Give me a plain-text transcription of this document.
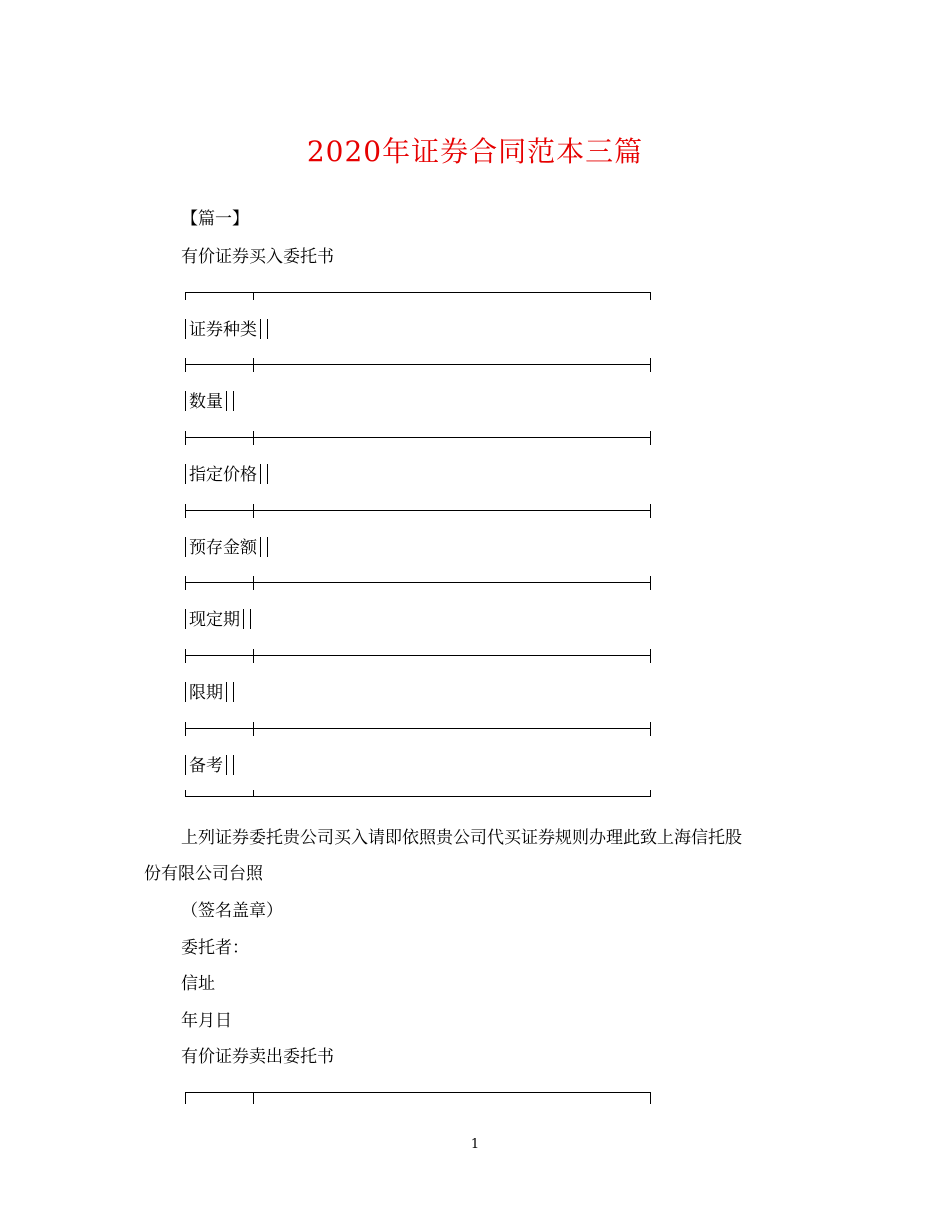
2020年证券合同范本三篇
【篇一】
有价证券买入委托书
证券种类
数量
指定价格
预存金额
现定期
限期
备考
上列证券委托贵公司买入请即依照贵公司代买证券规则办理此致上海信托股
份有限公司台照
（签名盖章）
委托者：
信址
年月日
有价证券卖出委托书
1
